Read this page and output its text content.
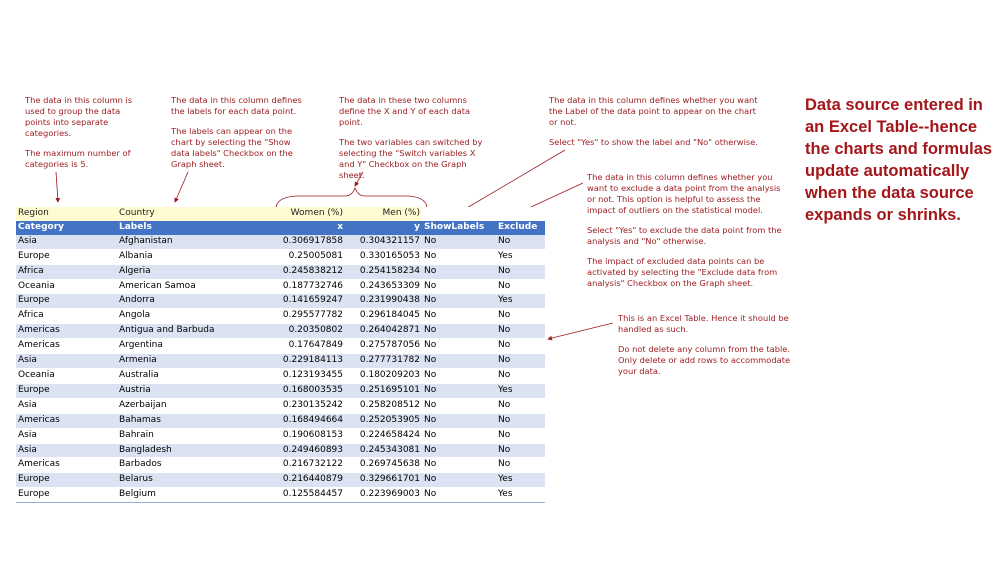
The data in this column is used to group the data points into separate categories.

The maximum number of categories is 5.

The data in this column defines the labels for each data point.

The labels can appear on the chart by selecting the "Show data labels" Checkbox on the Graph sheet.

The data in these two columns define the X and Y of each data point.

The two variables can switched by selecting the "Switch variables X and Y" Checkbox on the Graph sheet.

The data in this column defines whether you want the Label of the data point to appear on the chart or not.

Select "Yes" to show the label and "No" otherwise.

The data in this column defines whether you want to exclude a data point from the analysis or not. This option is helpful to assess the impact of outliers on the statistical model.

Select "Yes" to exclude the data point from the analysis and "No" otherwise.

The impact of excluded data points can be activated by selecting the "Exclude data from analysis" Checkbox on the Graph sheet.

This is an Excel Table. Hence it should be handled as such.

Do not delete any column from the table. Only delete or add rows to accommodate your data.

Data source entered in an Excel Table--hence the charts and formulas update automatically when the data source expands or shrinks.
Region	Country	Women (%)	Men (%)		
Category	Labels	x	y	ShowLabels	Exclude
Asia	Afghanistan	0.306917858	0.304321157	No	No
Europe	Albania	0.25005081	0.330165053	No	Yes
Africa	Algeria	0.245838212	0.254158234	No	No
Oceania	American Samoa	0.187732746	0.243653309	No	No
Europe	Andorra	0.141659247	0.231990438	No	Yes
Africa	Angola	0.295577782	0.296184045	No	No
Americas	Antigua and Barbuda	0.20350802	0.264042871	No	No
Americas	Argentina	0.17647849	0.275787056	No	No
Asia	Armenia	0.229184113	0.277731782	No	No
Oceania	Australia	0.123193455	0.180209203	No	No
Europe	Austria	0.168003535	0.251695101	No	Yes
Asia	Azerbaijan	0.230135242	0.258208512	No	No
Americas	Bahamas	0.168494664	0.252053905	No	No
Asia	Bahrain	0.190608153	0.224658424	No	No
Asia	Bangladesh	0.249460893	0.245343081	No	No
Americas	Barbados	0.216732122	0.269745638	No	No
Europe	Belarus	0.216440879	0.329661701	No	Yes
Europe	Belgium	0.125584457	0.223969003	No	Yes
